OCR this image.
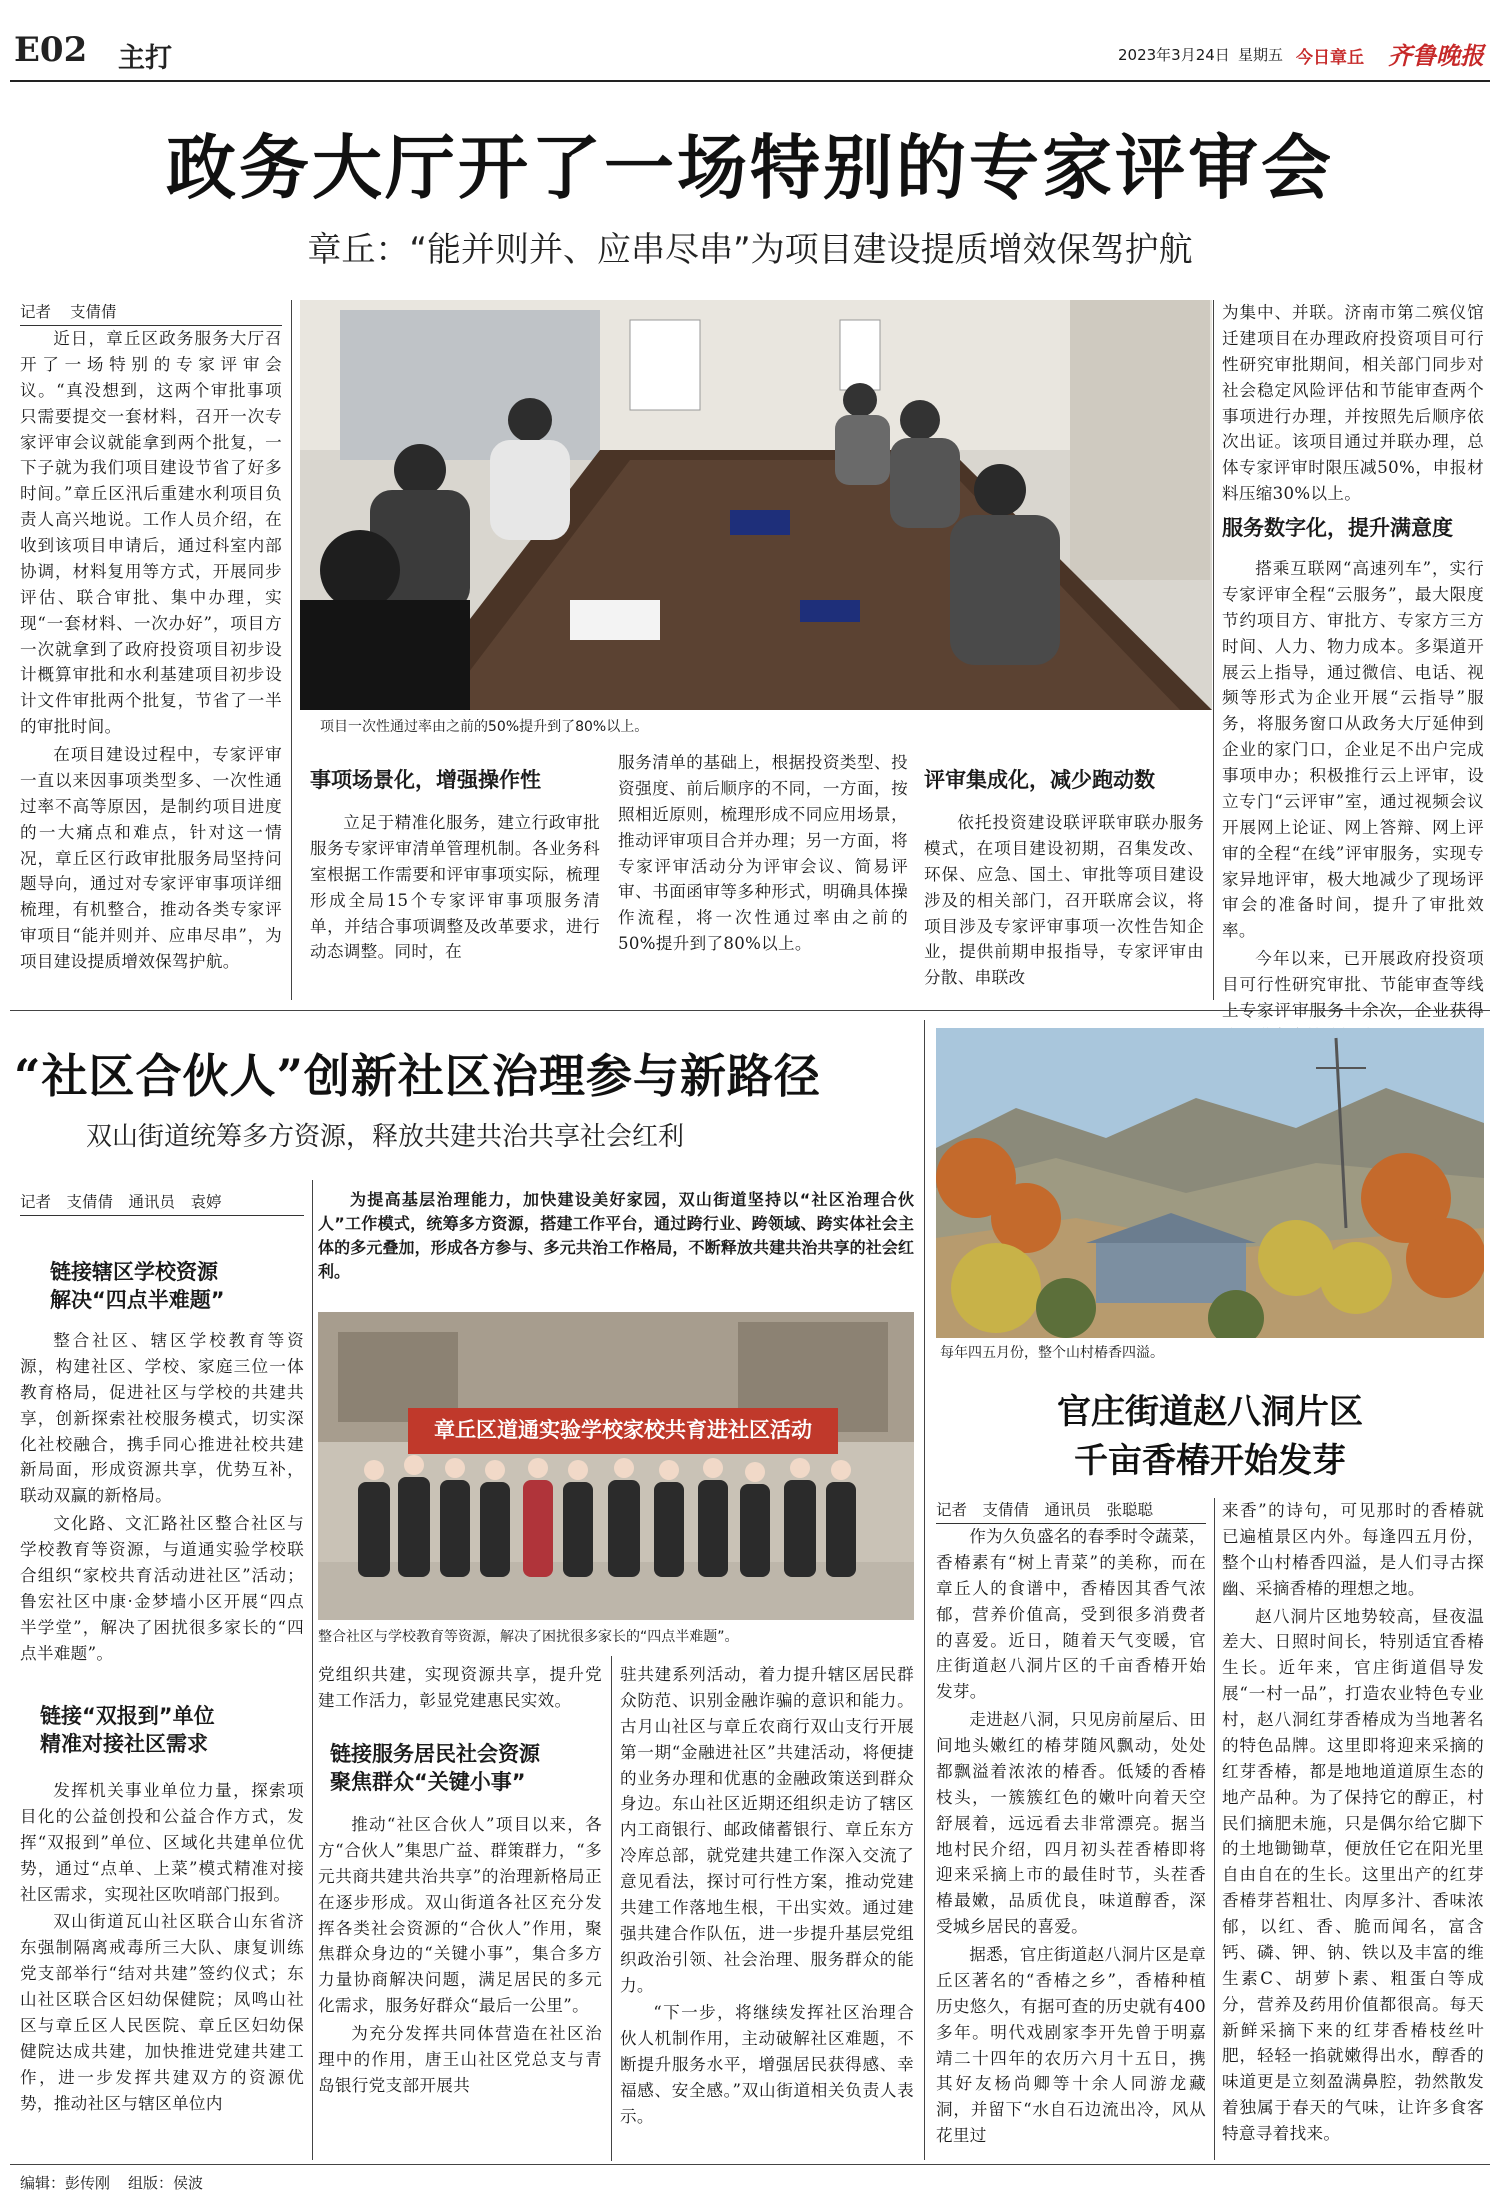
E02 主打	2023年3月24日 星期五 今日章丘 齐鲁晚报
政务大厅开了一场特别的专家评审会
章丘：“能并则并、应串尽串”为项目建设提质增效保驾护航
记者 支倩倩

近日，章丘区政务服务大厅召开了一场特别的专家评审会议。“真没想到，这两个审批事项只需要提交一套材料，召开一次专家评审会议就能拿到两个批复，一下子就为我们项目建设节省了好多时间。”章丘区汛后重建水利项目负责人高兴地说。工作人员介绍，在收到该项目申请后，通过科室内部协调，材料复用等方式，开展同步评估、联合审批、集中办理，实现“一套材料、一次办好”，项目方一次就拿到了政府投资项目初步设计概算审批和水利基建项目初步设计文件审批两个批复，节省了一半的审批时间。

在项目建设过程中，专家评审一直以来因事项类型多、一次性通过率不高等原因，是制约项目进度的一大痛点和难点，针对这一情况，章丘区行政审批服务局坚持问题导向，通过对专家评审事项详细梳理，有机整合，推动各类专家评审项目“能并则并、应串尽串”，为项目建设提质增效保驾护航。

项目一次性通过率由之前的50%提升到了80%以上。
事项场景化，增强操作性

立足于精准化服务，建立行政审批服务专家评审清单管理机制。各业务科室根据工作需要和评审事项实际，梳理形成全局15个专家评审事项服务清单，并结合事项调整及改革要求，进行动态调整。同时，在

服务清单的基础上，根据投资类型、投资强度、前后顺序的不同，一方面，按照相近原则，梳理形成不同应用场景，推动评审项目合并办理；另一方面，将专家评审活动分为评审会议、简易评审、书面函审等多种形式，明确具体操作流程，将一次性通过率由之前的50%提升到了80%以上。

评审集成化，减少跑动数

依托投资建设联评联审联办服务模式，在项目建设初期，召集发改、环保、应急、国土、审批等项目建设涉及的相关部门，召开联席会议，将项目涉及专家评审事项一次性告知企业，提供前期申报指导，专家评审由分散、串联改

为集中、并联。济南市第二殡仪馆迁建项目在办理政府投资项目可行性研究审批期间，相关部门同步对社会稳定风险评估和节能审查两个事项进行办理，并按照先后顺序依次出证。该项目通过并联办理，总体专家评审时限压减50%，申报材料压缩30%以上。

服务数字化，提升满意度

搭乘互联网“高速列车”，实行专家评审全程“云服务”，最大限度节约项目方、审批方、专家方三方时间、人力、物力成本。多渠道开展云上指导，通过微信、电话、视频等形式为企业开展“云指导”服务，将服务窗口从政务大厅延伸到企业的家门口，企业足不出户完成事项申办；积极推行云上评审，设立专门“云评审”室，通过视频会议开展网上论证、网上答辩、网上评审的全程“在线”评审服务，实现专家异地评审，极大地减少了现场评审会的准备时间，提升了审批效率。

今年以来，已开展政府投资项目可行性研究审批、节能审查等线上专家评审服务十余次，企业获得

“社区合伙人”创新社区治理参与新路径
双山街道统筹多方资源，释放共建共治共享社会红利
记者　支倩倩　通讯员　袁婷	为提高基层治理能力，加快建设美好家园，双山街道坚持以“社区治理合伙人”工作模式，统筹多方资源，搭建工作平台，通过跨行业、跨领域、跨实体社会主体的多元叠加，形成各方参与、多元共治工作格局，不断释放共建共治共享的社会红利。
链接辖区学校资源
解决“四点半难题”

整合社区、辖区学校教育等资源，构建社区、学校、家庭三位一体教育格局，促进社区与学校的共建共享，创新探索社校服务模式，切实深化社校融合，携手同心推进社校共建新局面，形成资源共享，优势互补，联动双赢的新格局。

文化路、文汇路社区整合社区与学校教育等资源，与道通实验学校联合组织“家校共育活动进社区”活动；鲁宏社区中康·金梦墙小区开展“四点半学堂”，解决了困扰很多家长的“四点半难题”。

链接“双报到”单位
精准对接社区需求

发挥机关事业单位力量，探索项目化的公益创投和公益合作方式，发挥“双报到”单位、区域化共建单位优势，通过“点单、上菜”模式精准对接社区需求，实现社区吹哨部门报到。

双山街道瓦山社区联合山东省济东强制隔离戒毒所三大队、康复训练党支部举行“结对共建”签约仪式；东山社区联合区妇幼保健院；凤鸣山社区与章丘区人民医院、章丘区妇幼保健院达成共建，加快推进党建共建工作，进一步发挥共建双方的资源优势，推动社区与辖区单位内

章丘区道通实验学校家校共育进社区活动
整合社区与学校教育等资源，解决了困扰很多家长的“四点半难题”。

党组织共建，实现资源共享，提升党建工作活力，彰显党建惠民实效。

链接服务居民社会资源
聚焦群众“关键小事”

推动“社区合伙人”项目以来，各方“合伙人”集思广益、群策群力，“多元共商共建共治共享”的治理新格局正在逐步形成。双山街道各社区充分发挥各类社会资源的“合伙人”作用，聚焦群众身边的“关键小事”，集合多方力量协商解决问题，满足居民的多元化需求，服务好群众“最后一公里”。

为充分发挥共同体营造在社区治理中的作用，唐王山社区党总支与青岛银行党支部开展共

驻共建系列活动，着力提升辖区居民群众防范、识别金融诈骗的意识和能力。古月山社区与章丘农商行双山支行开展第一期“金融进社区”共建活动，将便捷的业务办理和优惠的金融政策送到群众身边。东山社区近期还组织走访了辖区内工商银行、邮政储蓄银行、章丘东方冷库总部，就党建共建工作深入交流了意见看法，探讨可行性方案，推动党建共建工作落地生根，干出实效。通过建强共建合作队伍，进一步提升基层党组织政治引领、社会治理、服务群众的能力。

“下一步，将继续发挥社区治理合伙人机制作用，主动破解社区难题，不断提升服务水平，增强居民获得感、幸福感、安全感。”双山街道相关负责人表示。

每年四五月份，整个山村椿香四溢。
官庄街道赵八洞片区
千亩香椿开始发芽
记者　支倩倩　通讯员　张聪聪

作为久负盛名的春季时令蔬菜，香椿素有“树上青菜”的美称，而在章丘人的食谱中，香椿因其香气浓郁，营养价值高，受到很多消费者的喜爱。近日，随着天气变暖，官庄街道赵八洞片区的千亩香椿开始发芽。

走进赵八洞，只见房前屋后、田间地头嫩红的椿芽随风飘动，处处都飘溢着浓浓的椿香。低矮的香椿枝头，一簇簇红色的嫩叶向着天空舒展着，远远看去非常漂亮。据当地村民介绍，四月初头茬香椿即将迎来采摘上市的最佳时节，头茬香椿最嫩，品质优良，味道醇香，深受城乡居民的喜爱。

据悉，官庄街道赵八洞片区是章丘区著名的“香椿之乡”，香椿种植历史悠久，有据可查的历史就有400多年。明代戏剧家李开先曾于明嘉靖二十四年的农历六月十五日，携其好友杨尚卿等十余人同游龙藏洞，并留下“水自石边流出冷，风从花里过

来香”的诗句，可见那时的香椿就已遍植景区内外。每逢四五月份，整个山村椿香四溢，是人们寻古探幽、采摘香椿的理想之地。

赵八洞片区地势较高，昼夜温差大、日照时间长，特别适宜香椿生长。近年来，官庄街道倡导发展“一村一品”，打造农业特色专业村，赵八洞红芽香椿成为当地著名的特色品牌。这里即将迎来采摘的红芽香椿，都是地地道道原生态的地产品种。为了保持它的醇正，村民们摘肥未施，只是偶尔给它脚下的土地锄锄草，便放任它在阳光里自由自在的生长。这里出产的红芽香椿芽苔粗壮、肉厚多汁、香味浓郁，以红、香、脆而闻名，富含钙、磷、钾、钠、铁以及丰富的维生素C、胡萝卜素、粗蛋白等成分，营养及药用价值都很高。每天新鲜采摘下来的红芽香椿枝丝叶肥，轻轻一掐就嫩得出水，醇香的味道更是立刻盈满鼻腔，勃然散发着独属于春天的气味，让许多食客特意寻着找来。

编辑：彭传刚 组版：侯波
